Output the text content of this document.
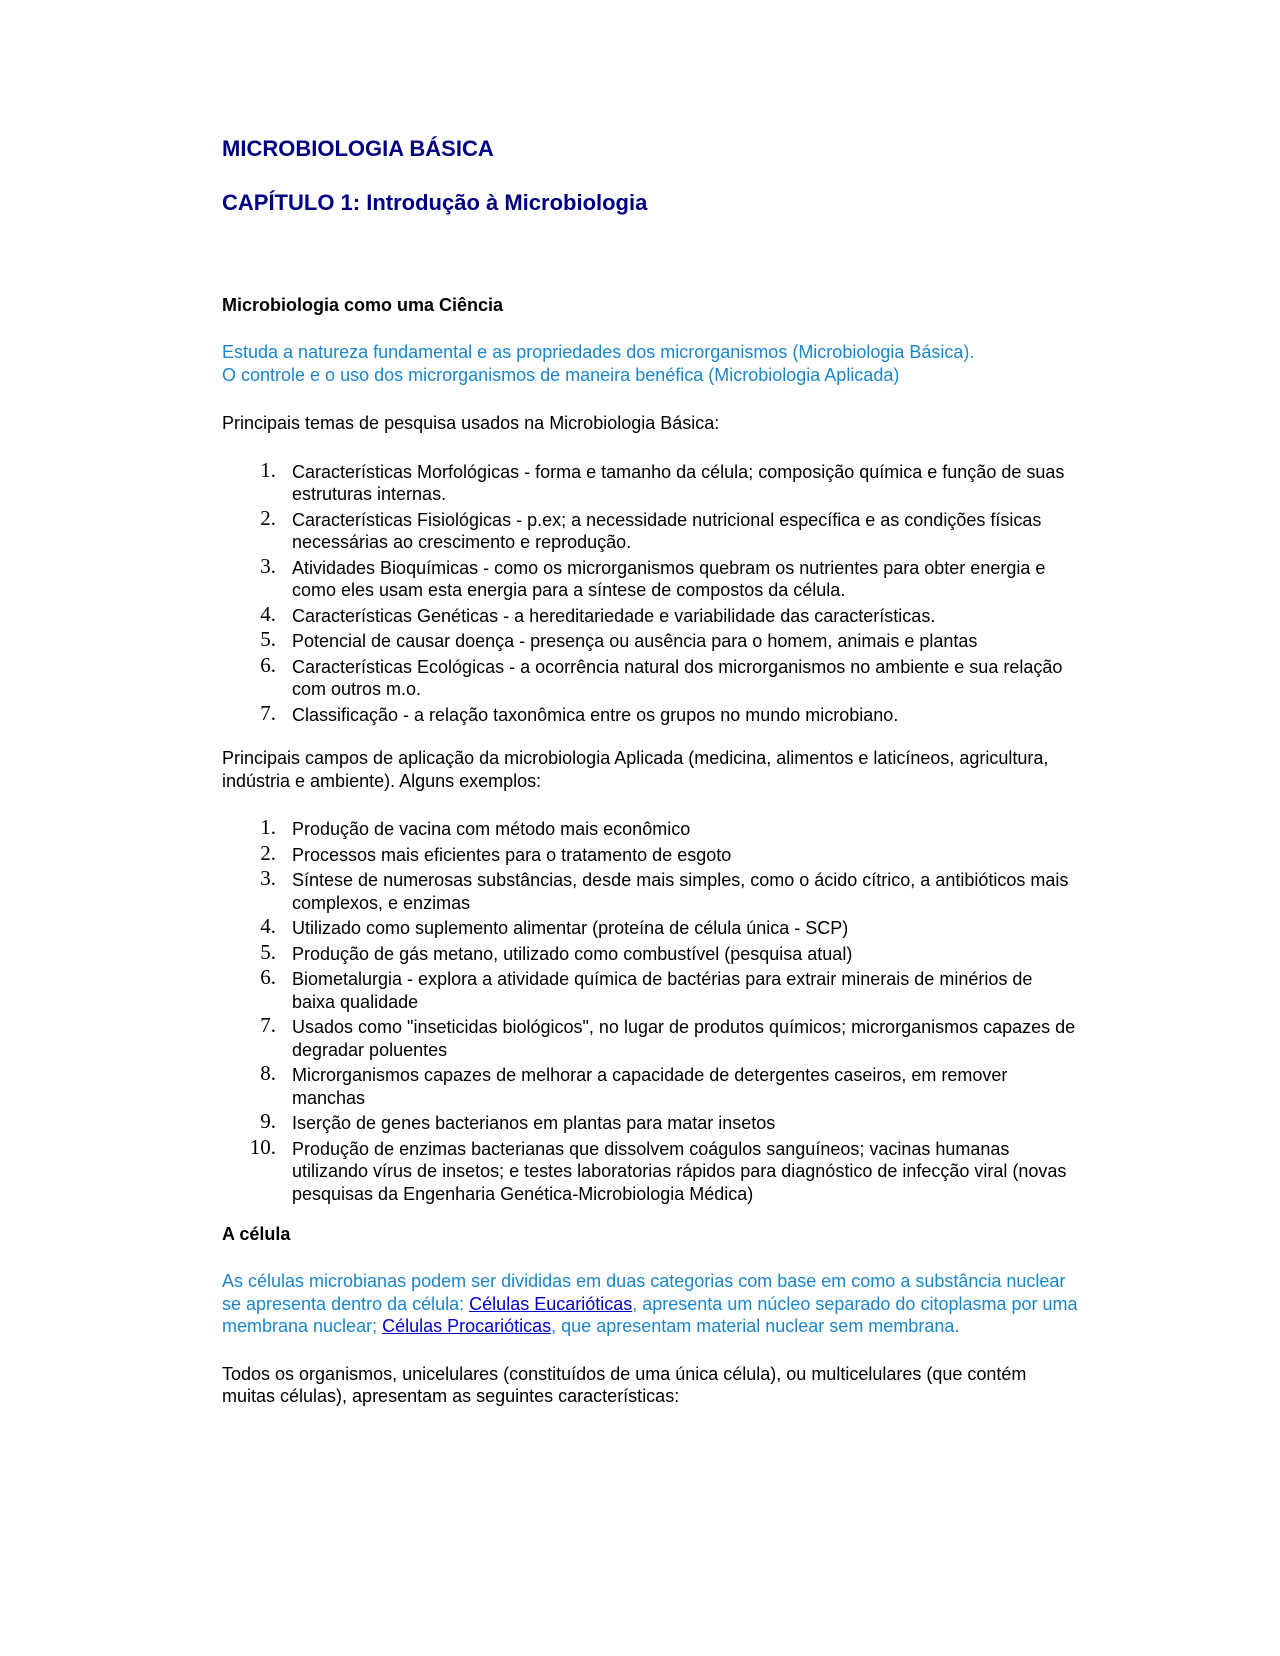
MICROBIOLOGIA BÁSICA
CAPÍTULO 1: Introdução à Microbiologia

Microbiologia como uma Ciência

Estuda a natureza fundamental e as propriedades dos microrganismos (Microbiologia Básica).
O controle e o uso dos microrganismos de maneira benéfica (Microbiologia Aplicada)

Principais temas de pesquisa usados na Microbiologia Básica:

1. Características Morfológicas - forma e tamanho da célula; composição química e função de suas estruturas internas.
2. Características Fisiológicas - p.ex; a necessidade nutricional específica e as condições físicas necessárias ao crescimento e reprodução.
3. Atividades Bioquímicas - como os microrganismos quebram os nutrientes para obter energia e como eles usam esta energia para a síntese de compostos da célula.
4. Características Genéticas - a hereditariedade e variabilidade das características.
5. Potencial de causar doença - presença ou ausência para o homem, animais e plantas
6. Características Ecológicas - a ocorrência natural dos microrganismos no ambiente e sua relação com outros m.o.
7. Classificação - a relação taxonômica entre os grupos no mundo microbiano.

Principais campos de aplicação da microbiologia Aplicada (medicina, alimentos e laticíneos, agricultura, indústria e ambiente). Alguns exemplos:

1. Produção de vacina com método mais econômico
2. Processos mais eficientes para o tratamento de esgoto
3. Síntese de numerosas substâncias, desde mais simples, como o ácido cítrico, a antibióticos mais complexos, e enzimas
4. Utilizado como suplemento alimentar (proteína de célula única - SCP)
5. Produção de gás metano, utilizado como combustível (pesquisa atual)
6. Biometalurgia - explora a atividade química de bactérias para extrair minerais de minérios de baixa qualidade
7. Usados como "inseticidas biológicos", no lugar de produtos químicos; microrganismos capazes de degradar poluentes
8. Microrganismos capazes de melhorar a capacidade de detergentes caseiros, em remover manchas
9. Iserção de genes bacterianos em plantas para matar insetos
10. Produção de enzimas bacterianas que dissolvem coágulos sanguíneos; vacinas humanas utilizando vírus de insetos; e testes laboratorias rápidos para diagnóstico de infecção viral (novas pesquisas da Engenharia Genética-Microbiologia Médica)

A célula

As células microbianas podem ser divididas em duas categorias com base em como a substância nuclear se apresenta dentro da célula: Células Eucarióticas, apresenta um núcleo separado do citoplasma por uma membrana nuclear; Células Procarióticas, que apresentam material nuclear sem membrana.

Todos os organismos, unicelulares (constituídos de uma única célula), ou multicelulares (que contém muitas células), apresentam as seguintes características:
